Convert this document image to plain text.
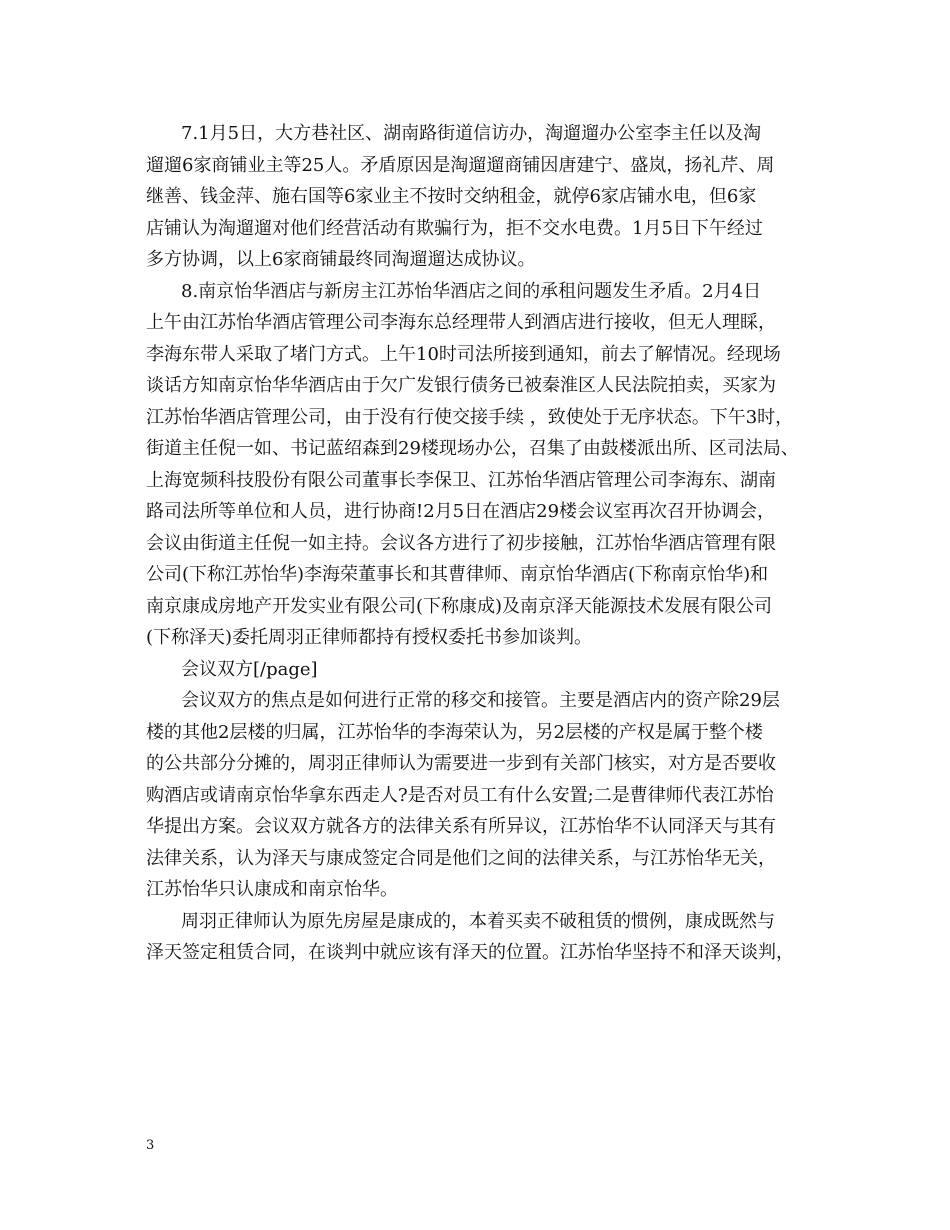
7.1月5日，大方巷社区、湖南路街道信访办，淘遛遛办公室李主任以及淘
遛遛6家商铺业主等25人。矛盾原因是淘遛遛商铺因唐建宁、盛岚，扬礼芹、周
继善、钱金萍、施右国等6家业主不按时交纳租金，就停6家店铺水电，但6家
店铺认为淘遛遛对他们经营活动有欺骗行为，拒不交水电费。1月5日下午经过
多方协调，以上6家商铺最终同淘遛遛达成协议。
8.南京怡华酒店与新房主江苏怡华酒店之间的承租问题发生矛盾。2月4日
上午由江苏怡华酒店管理公司李海东总经理带人到酒店进行接收，但无人理睬，
李海东带人采取了堵门方式。上午10时司法所接到通知，前去了解情况。经现场
谈话方知南京怡华华酒店由于欠广发银行债务已被秦淮区人民法院拍卖，买家为
江苏怡华酒店管理公司，由于没有行使交接手续 ，致使处于无序状态。下午3时，
街道主任倪一如、书记蓝绍森到29楼现场办公，召集了由鼓楼派出所、区司法局、
上海宽频科技股份有限公司董事长李保卫、江苏怡华酒店管理公司李海东、湖南
路司法所等单位和人员，进行协商!2月5日在酒店29楼会议室再次召开协调会，
会议由街道主任倪一如主持。会议各方进行了初步接触，江苏怡华酒店管理有限
公司(下称江苏怡华)李海荣董事长和其曹律师、南京怡华酒店(下称南京怡华)和
南京康成房地产开发实业有限公司(下称康成)及南京泽天能源技术发展有限公司
(下称泽天)委托周羽正律师都持有授权委托书参加谈判。
会议双方[/page]
会议双方的焦点是如何进行正常的移交和接管。主要是酒店内的资产除29层
楼的其他2层楼的归属，江苏怡华的李海荣认为，另2层楼的产权是属于整个楼
的公共部分分摊的，周羽正律师认为需要进一步到有关部门核实，对方是否要收
购酒店或请南京怡华拿东西走人?是否对员工有什么安置;二是曹律师代表江苏怡
华提出方案。会议双方就各方的法律关系有所异议，江苏怡华不认同泽天与其有
法律关系，认为泽天与康成签定合同是他们之间的法律关系，与江苏怡华无关，
江苏怡华只认康成和南京怡华。
周羽正律师认为原先房屋是康成的，本着买卖不破租赁的惯例，康成既然与
泽天签定租赁合同，在谈判中就应该有泽天的位置。江苏怡华坚持不和泽天谈判，
3
